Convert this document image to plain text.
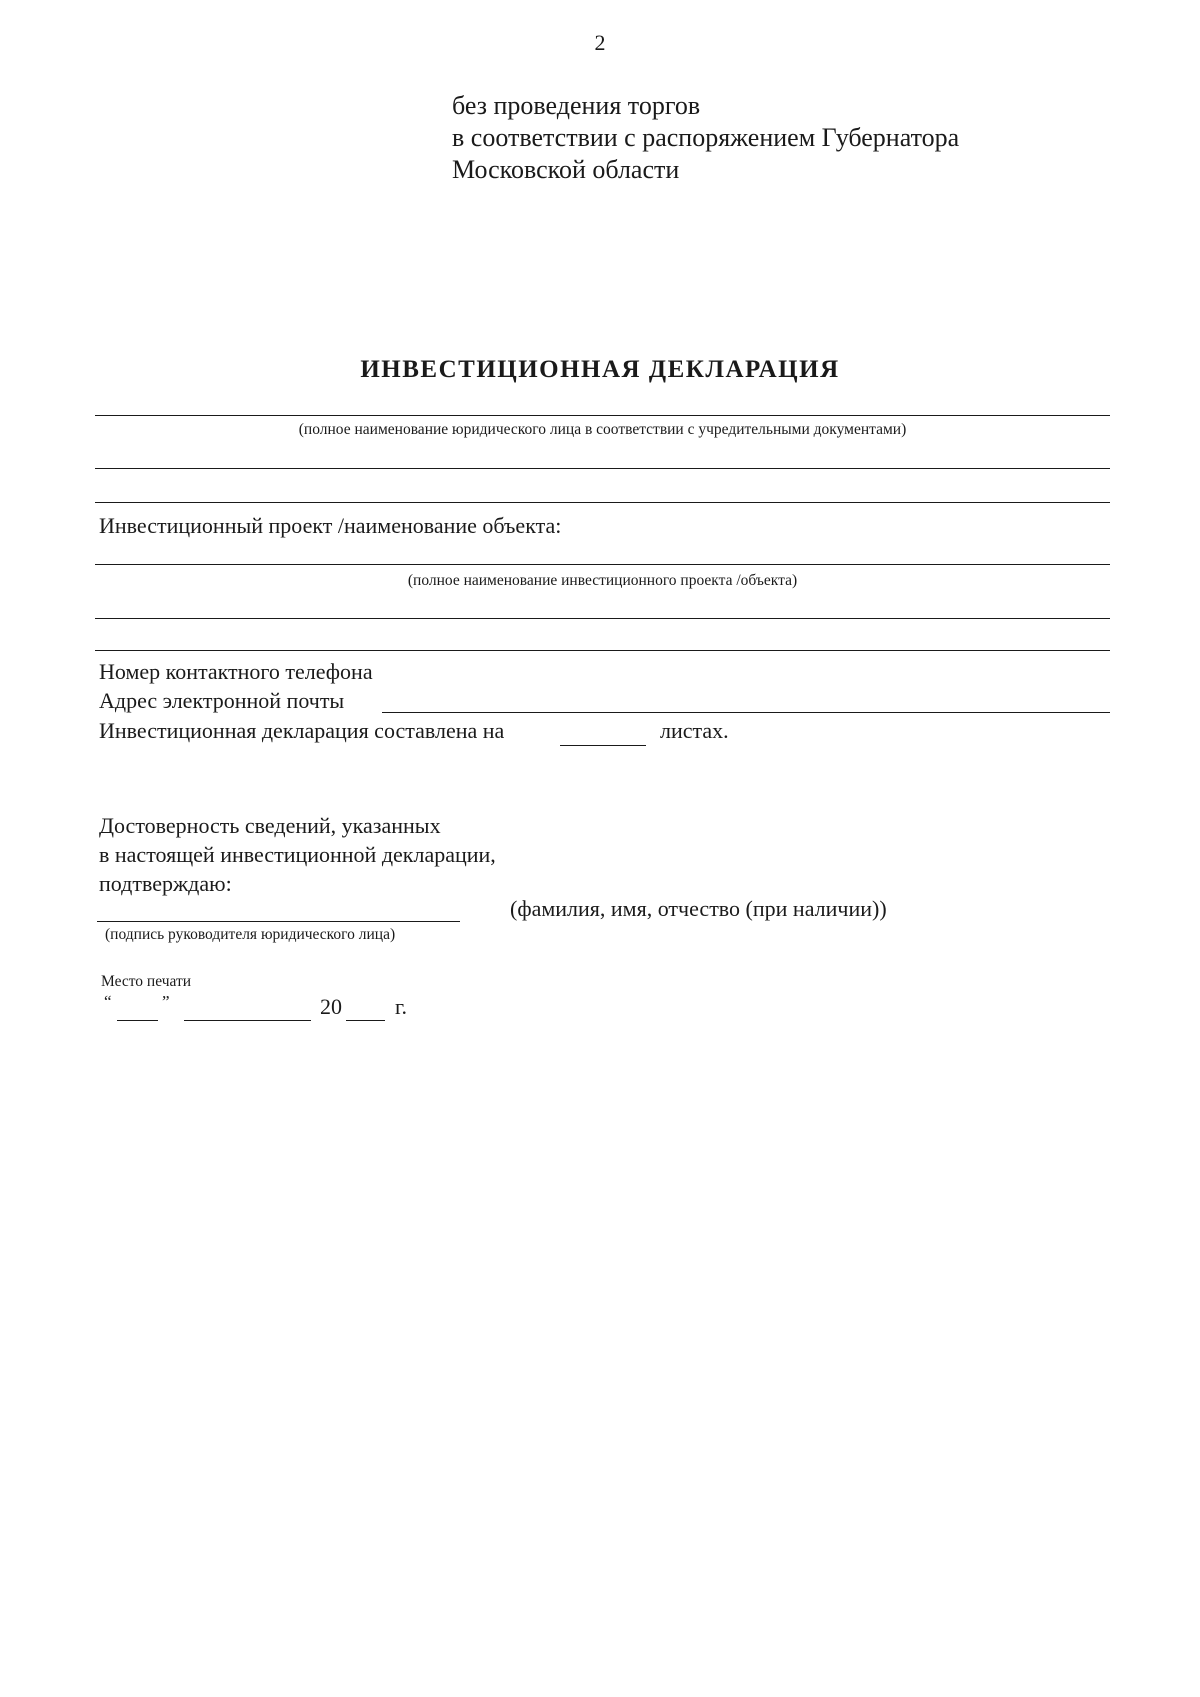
2
без проведения торгов
в соответствии с распоряжением Губернатора
Московской области
ИНВЕСТИЦИОННАЯ ДЕКЛАРАЦИЯ
(полное наименование юридического лица в соответствии с учредительными документами)
Инвестиционный проект /наименование объекта:
(полное наименование инвестиционного проекта /объекта)
Номер контактного телефона
Адрес электронной почты
Инвестиционная декларация составлена на	листах.
Достоверность сведений, указанных
в настоящей инвестиционной декларации,
подтверждаю:
(фамилия, имя, отчество (при наличии))
(подпись руководителя юридического лица)
Место печати
“	”	20 г.
